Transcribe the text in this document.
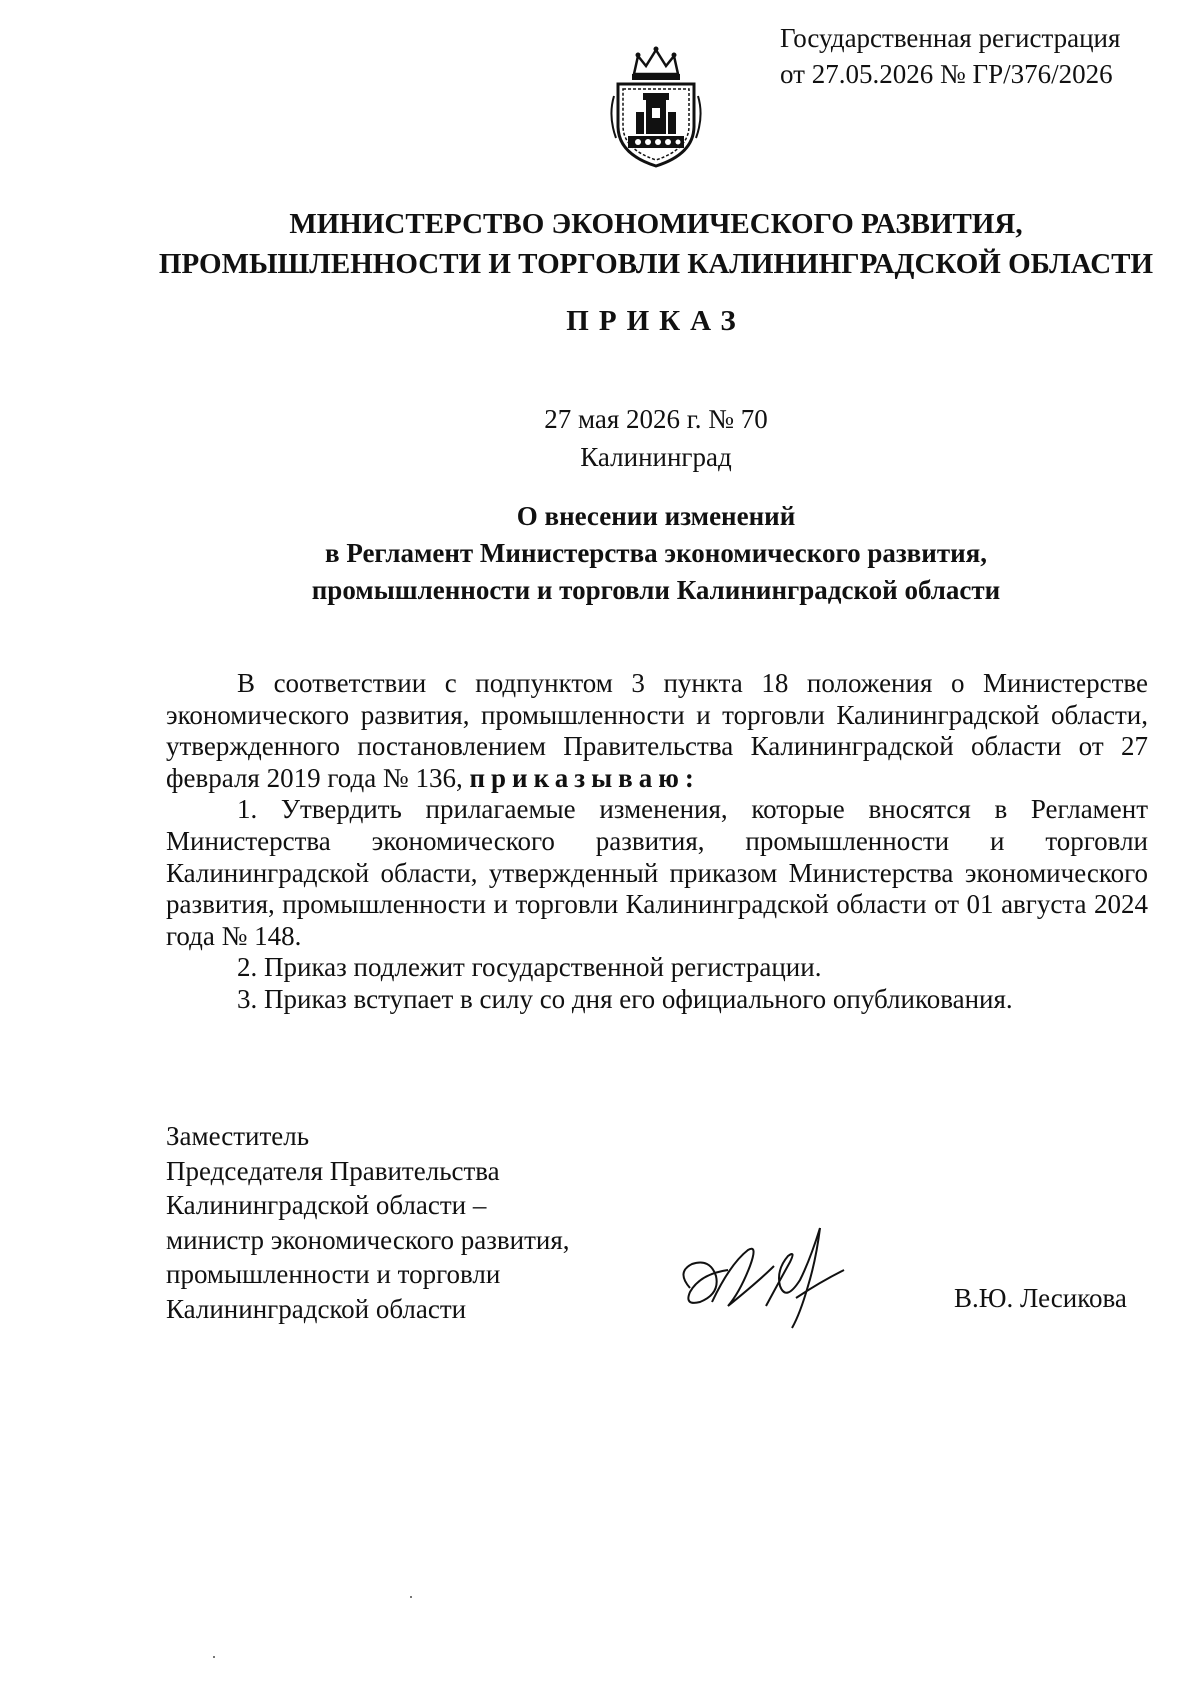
Государственная регистрация
от 27.05.2026 № ГР/376/2026
МИНИСТЕРСТВО ЭКОНОМИЧЕСКОГО РАЗВИТИЯ,
ПРОМЫШЛЕННОСТИ И ТОРГОВЛИ КАЛИНИНГРАДСКОЙ ОБЛАСТИ
ПРИКАЗ
27 мая 2026 г. № 70
Калининград
О внесении изменений
в Регламент Министерства экономического развития,
промышленности и торговли Калининградской области

В соответствии с подпунктом 3 пункта 18 положения о Министерстве экономического развития, промышленности и торговли Калининградской области, утвержденного постановлением Правительства Калининградской области от 27 февраля 2019 года № 136, приказываю:

1. Утвердить прилагаемые изменения, которые вносятся в Регламент Министерства экономического развития, промышленности и торговли Калининградской области, утвержденный приказом Министерства экономического развития, промышленности и торговли Калининградской области от 01 августа 2024 года № 148.

2. Приказ подлежит государственной регистрации.

3. Приказ вступает в силу со дня его официального опубликования.

Заместитель
Председателя Правительства
Калининградской области –
министр экономического развития,
промышленности и торговли
Калининградской области	В.Ю. Лесикова
